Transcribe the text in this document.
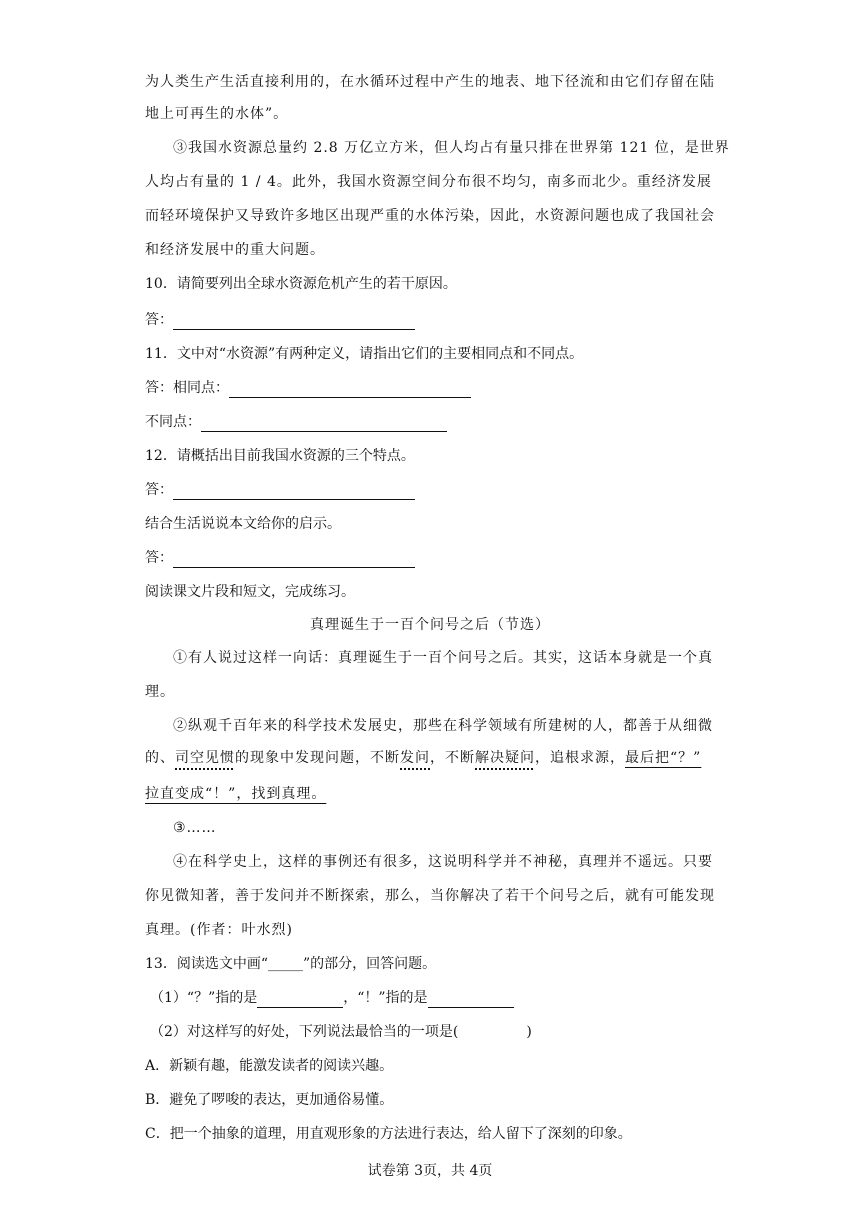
为人类生产生活直接利用的，在水循环过程中产生的地表、地下径流和由它们存留在陆
地上可再生的水体”。
③我国水资源总量约 2.8 万亿立方米，但人均占有量只排在世界第 121 位，是世界
人均占有量的 1 / 4。此外，我国水资源空间分布很不均匀，南多而北少。重经济发展
而轻环境保护又导致许多地区出现严重的水体污染，因此，水资源问题也成了我国社会
和经济发展中的重大问题。
10．请简要列出全球水资源危机产生的若干原因。
答：
11．文中对“水资源”有两种定义，请指出它们的主要相同点和不同点。
答：相同点：
不同点：
12．请概括出目前我国水资源的三个特点。
答：
结合生活说说本文给你的启示。
答：
阅读课文片段和短文，完成练习。
真理诞生于一百个问号之后（节选）
①有人说过这样一向话：真理诞生于一百个问号之后。其实，这话本身就是一个真
理。
②纵观千百年来的科学技术发展史，那些在科学领域有所建树的人，都善于从细微
的、司空见惯的现象中发现问题，不断发问，不断解决疑问，追根求源，最后把“？”
拉直变成“！”，找到真理。
③……
④在科学史上，这样的事例还有很多，这说明科学并不神秘，真理并不遥远。只要
你见微知著，善于发问并不断探索，那么，当你解决了若干个问号之后，就有可能发现
真理。(作者：叶水烈)
13．阅读选文中画“_____”的部分，回答问题。
（1）“？”指的是	，“！”指的是
（2）对这样写的好处，下列说法最恰当的一项是(	)
A．新颖有趣，能激发读者的阅读兴趣。
B．避免了啰唆的表达，更加通俗易懂。
C．把一个抽象的道理，用直观形象的方法进行表达，给人留下了深刻的印象。
试卷第 3页，共 4页
